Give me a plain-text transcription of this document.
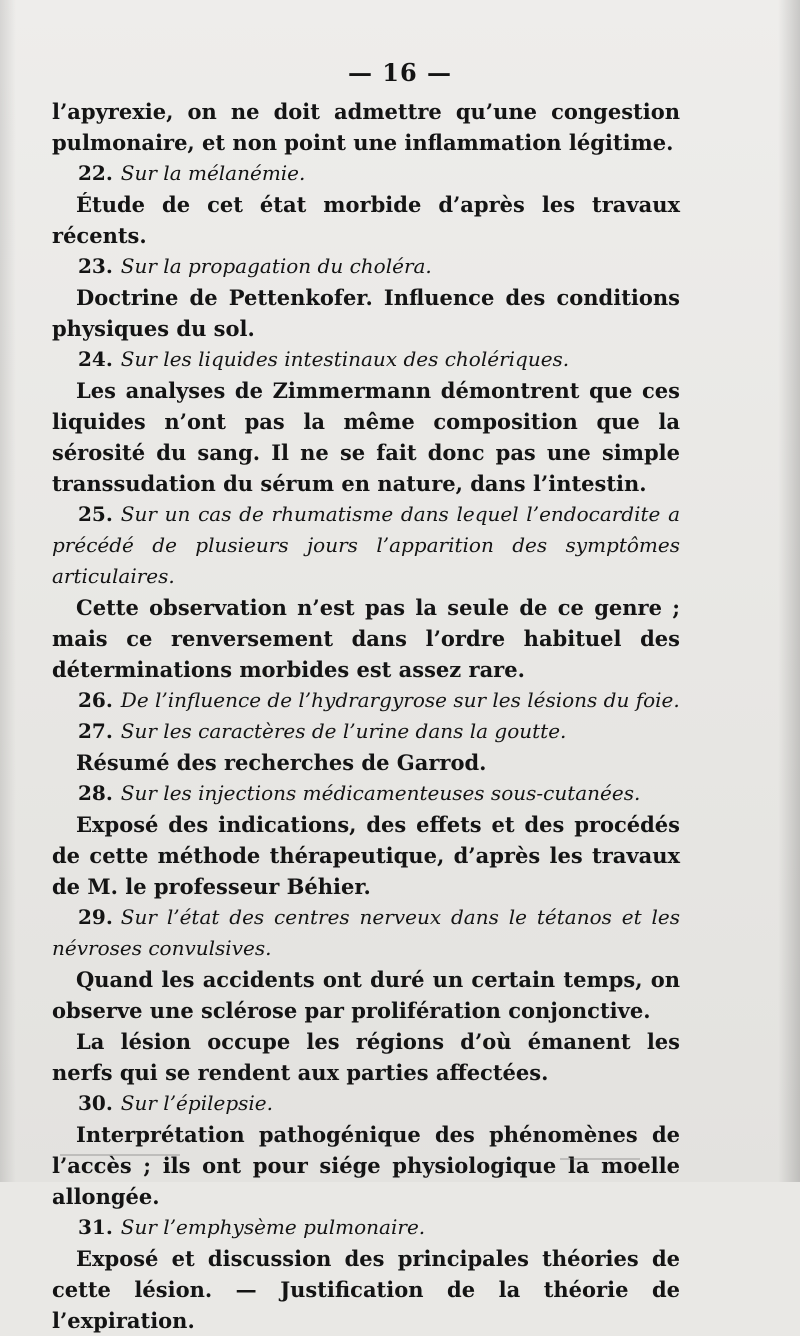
— 16 —

l’apyrexie, on ne doit admettre qu’une congestion pulmonaire, et non point une inflammation légitime.

22. Sur la mélanémie.

Étude de cet état morbide d’après les travaux récents.

23. Sur la propagation du choléra.

Doctrine de Pettenkofer. Influence des conditions physiques du sol.

24. Sur les liquides intestinaux des cholériques.

Les analyses de Zimmermann démontrent que ces liquides n’ont pas la même composition que la sérosité du sang. Il ne se fait donc pas une simple transsudation du sérum en nature, dans l’intestin.

25. Sur un cas de rhumatisme dans lequel l’endocardite a précédé de plusieurs jours l’apparition des symptômes articulaires.

Cette observation n’est pas la seule de ce genre ; mais ce renversement dans l’ordre habituel des déterminations morbides est assez rare.

26. De l’influence de l’hydrargyrose sur les lésions du foie.

27. Sur les caractères de l’urine dans la goutte.

Résumé des recherches de Garrod.

28. Sur les injections médicamenteuses sous-cutanées.

Exposé des indications, des effets et des procédés de cette méthode thérapeutique, d’après les travaux de M. le professeur Béhier.

29. Sur l’état des centres nerveux dans le tétanos et les névroses convulsives.

Quand les accidents ont duré un certain temps, on observe une sclérose par prolifération conjonctive.

La lésion occupe les régions d’où émanent les nerfs qui se rendent aux parties affectées.

30. Sur l’épilepsie.

Interprétation pathogénique des phénomènes de l’accès ; ils ont pour siége physiologique la moelle allongée.

31. Sur l’emphysème pulmonaire.

Exposé et discussion des principales théories de cette lésion. — Justification de la théorie de l’expiration.
